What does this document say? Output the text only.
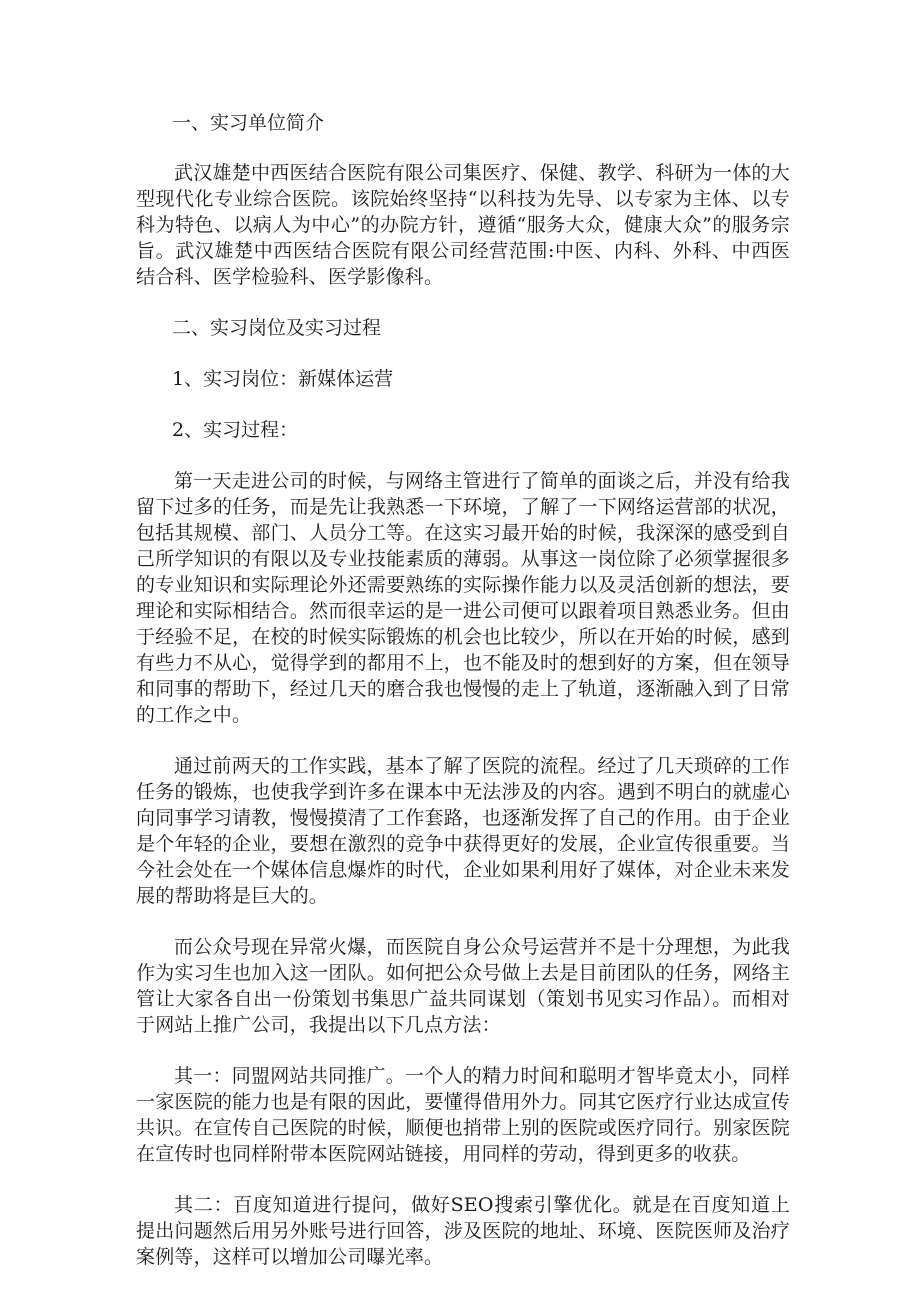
一、实习单位简介

武汉雄楚中西医结合医院有限公司集医疗、保健、教学、科研为一体的大型现代化专业综合医院。该院始终坚持“以科技为先导、以专家为主体、以专科为特色、以病人为中心”的办院方针，遵循“服务大众，健康大众”的服务宗旨。武汉雄楚中西医结合医院有限公司经营范围:中医、内科、外科、中西医结合科、医学检验科、医学影像科。

二、实习岗位及实习过程

1、实习岗位：新媒体运营

2、实习过程：

第一天走进公司的时候，与网络主管进行了简单的面谈之后，并没有给我留下过多的任务，而是先让我熟悉一下环境，了解了一下网络运营部的状况，包括其规模、部门、人员分工等。在这实习最开始的时候，我深深的感受到自己所学知识的有限以及专业技能素质的薄弱。从事这一岗位除了必须掌握很多的专业知识和实际理论外还需要熟练的实际操作能力以及灵活创新的想法，要理论和实际相结合。然而很幸运的是一进公司便可以跟着项目熟悉业务。但由于经验不足，在校的时候实际锻炼的机会也比较少，所以在开始的时候，感到有些力不从心，觉得学到的都用不上，也不能及时的想到好的方案，但在领导和同事的帮助下，经过几天的磨合我也慢慢的走上了轨道，逐渐融入到了日常的工作之中。

通过前两天的工作实践，基本了解了医院的流程。经过了几天琐碎的工作任务的锻炼，也使我学到许多在课本中无法涉及的内容。遇到不明白的就虚心向同事学习请教，慢慢摸清了工作套路，也逐渐发挥了自己的作用。由于企业是个年轻的企业，要想在激烈的竞争中获得更好的发展，企业宣传很重要。当今社会处在一个媒体信息爆炸的时代，企业如果利用好了媒体，对企业未来发展的帮助将是巨大的。

而公众号现在异常火爆，而医院自身公众号运营并不是十分理想，为此我作为实习生也加入这一团队。如何把公众号做上去是目前团队的任务，网络主管让大家各自出一份策划书集思广益共同谋划（策划书见实习作品）。而相对于网站上推广公司，我提出以下几点方法：

其一：同盟网站共同推广。一个人的精力时间和聪明才智毕竟太小，同样一家医院的能力也是有限的因此，要懂得借用外力。同其它医疗行业达成宣传共识。在宣传自己医院的时候，顺便也捎带上别的医院或医疗同行。别家医院在宣传时也同样附带本医院网站链接，用同样的劳动，得到更多的收获。

其二：百度知道进行提问，做好SEO搜索引擎优化。就是在百度知道上提出问题然后用另外账号进行回答，涉及医院的地址、环境、医院医师及治疗案例等，这样可以增加公司曝光率。
